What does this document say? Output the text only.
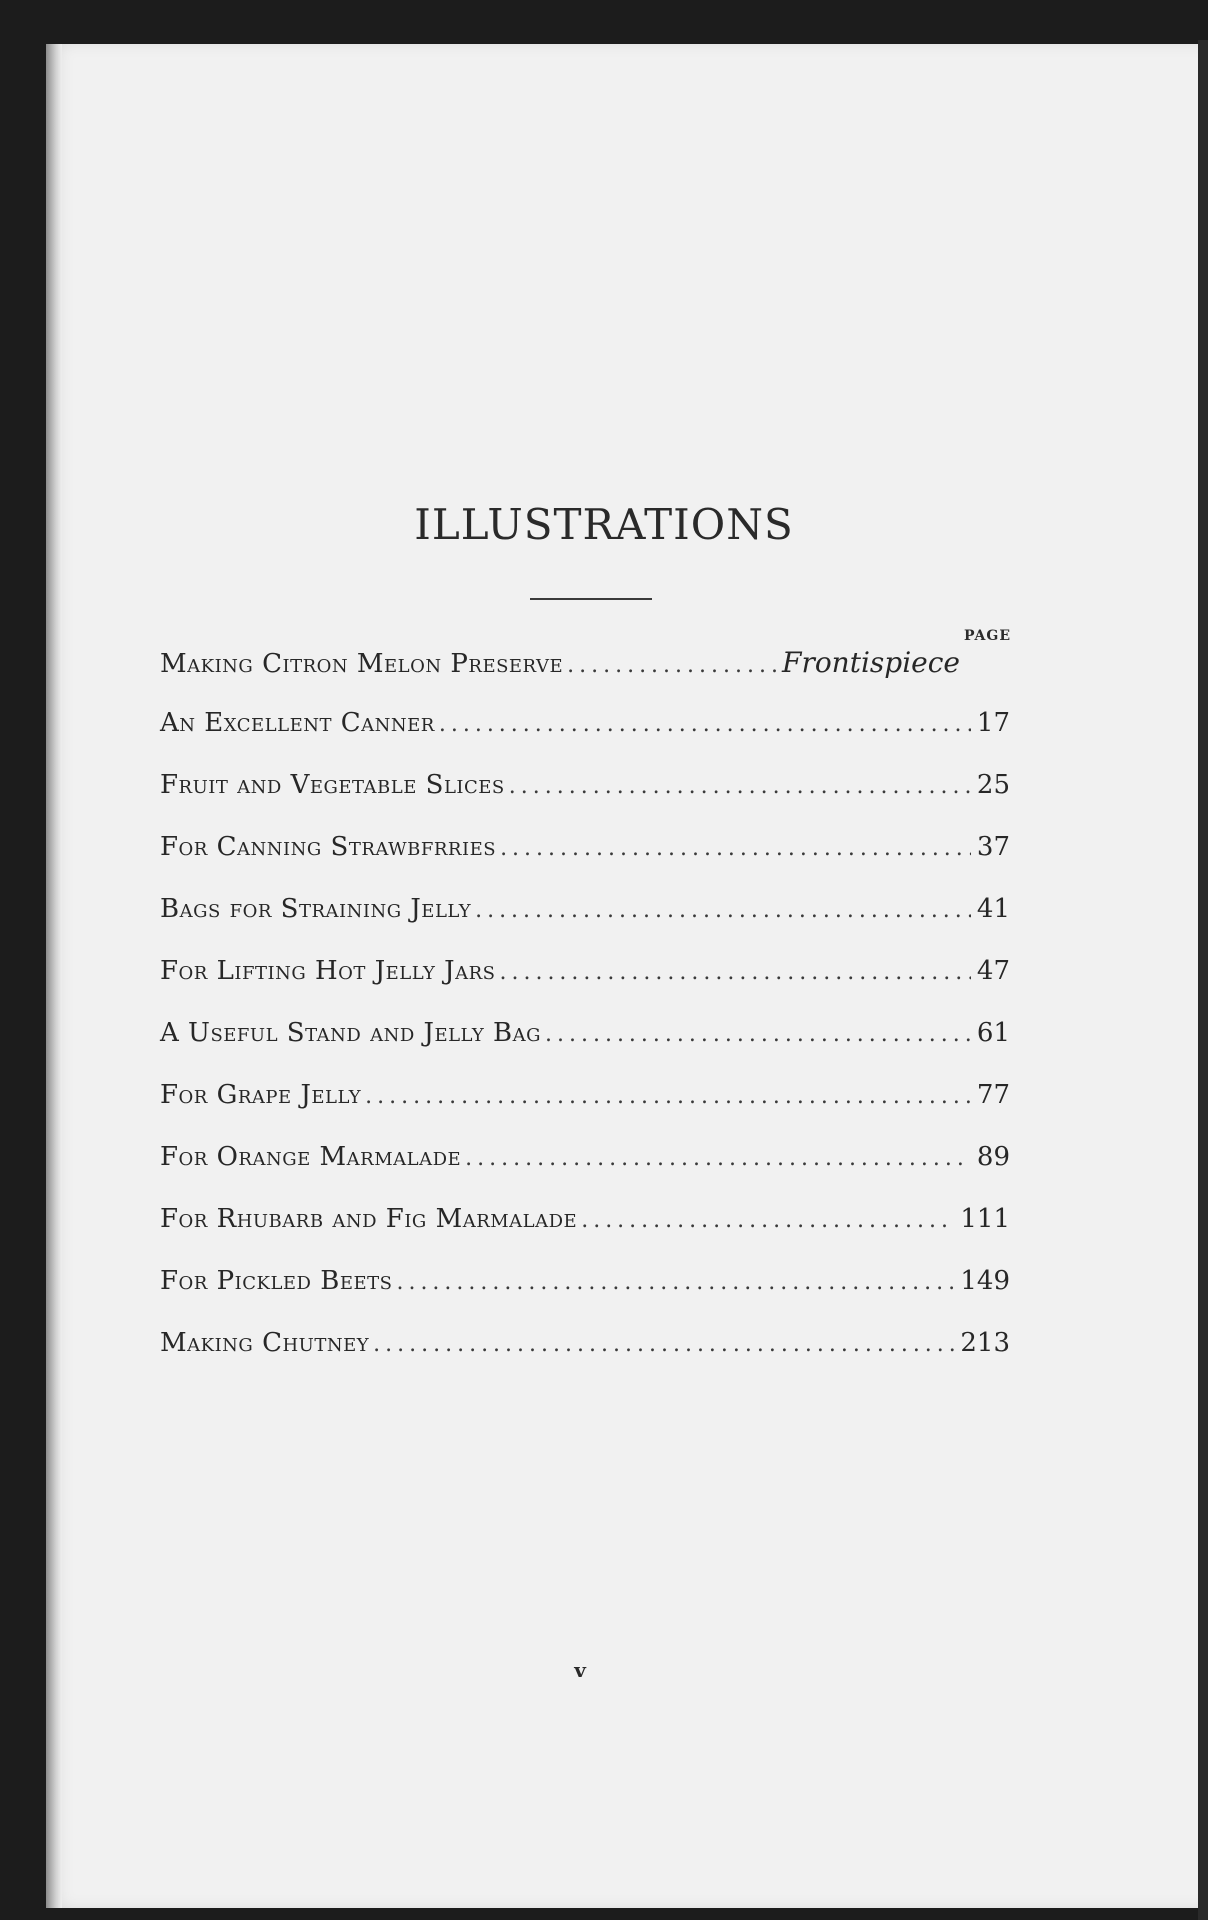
ILLUSTRATIONS
PAGE
Making Citron Melon Preserve .....	Frontispiece
An Excellent Canner .....	17
Fruit and Vegetable Slices .....	25
For Canning Strawbfrries .....	37
Bags for Straining Jelly .....	41
For Lifting Hot Jelly Jars .....	47
A Useful Stand and Jelly Bag .....	61
For Grape Jelly .....	77
For Orange Marmalade .....	89
For Rhubarb and Fig Marmalade .....	111
For Pickled Beets .....	149
Making Chutney .....	213
v
